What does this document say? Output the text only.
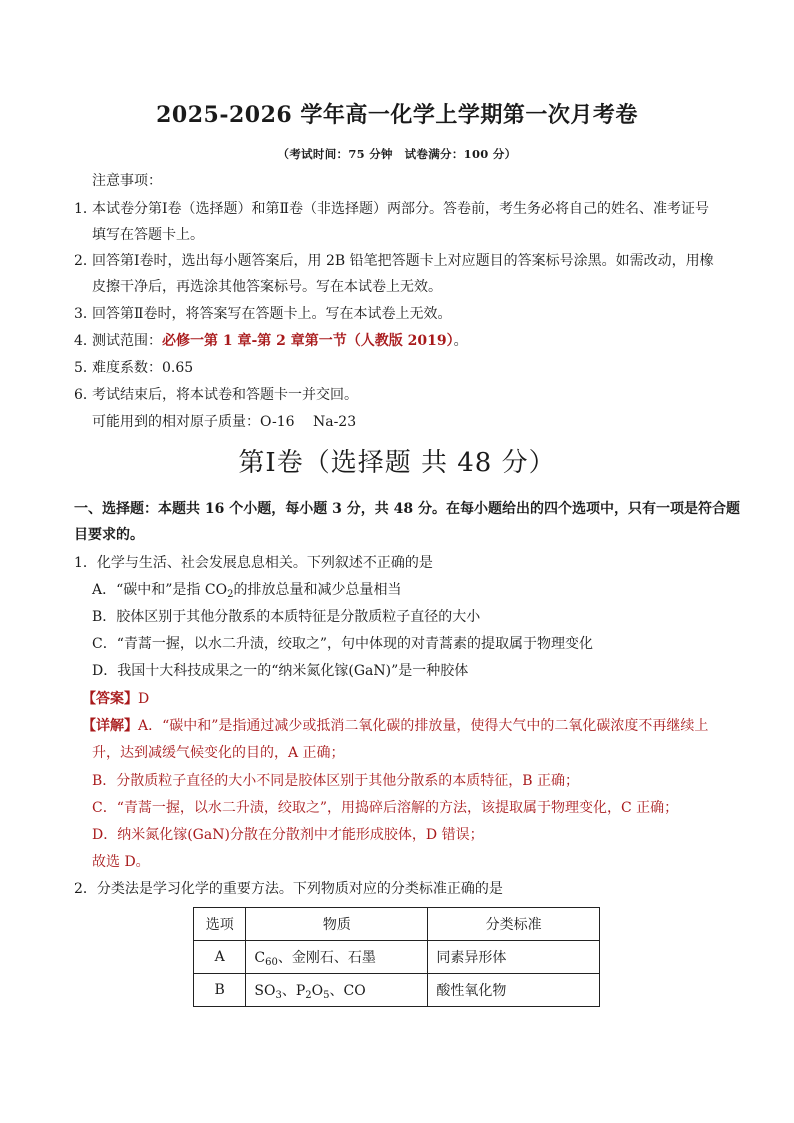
2025-2026 学年高一化学上学期第一次月考卷
（考试时间：75 分钟　试卷满分：100 分）
注意事项：
1．本试卷分第Ⅰ卷（选择题）和第Ⅱ卷（非选择题）两部分。答卷前，考生务必将自己的姓名、准考证号
填写在答题卡上。
2．回答第Ⅰ卷时，选出每小题答案后，用 2B 铅笔把答题卡上对应题目的答案标号涂黑。如需改动，用橡
皮擦干净后，再选涂其他答案标号。写在本试卷上无效。
3．回答第Ⅱ卷时，将答案写在答题卡上。写在本试卷上无效。
4．测试范围：必修一第 1 章-第 2 章第一节（人教版 2019）。
5．难度系数：0.65
6．考试结束后，将本试卷和答题卡一并交回。
可能用到的相对原子质量：O-16　 Na-23
第Ⅰ卷（选择题 共 48 分）
一、选择题：本题共 16 个小题，每小题 3 分，共 48 分。在每小题给出的四个选项中，只有一项是符合题
目要求的。
1．化学与生活、社会发展息息相关。下列叙述不正确的是
A．“碳中和”是指 $CO_2$的排放总量和减少总量相当
B．胶体区别于其他分散系的本质特征是分散质粒子直径的大小
C．“青蒿一握，以水二升渍，绞取之”，句中体现的对青蒿素的提取属于物理变化
D．我国十大科技成果之一的“纳米氮化镓(GaN)”是一种胶体
【答案】D
【详解】A．“碳中和”是指通过减少或抵消二氧化碳的排放量，使得大气中的二氧化碳浓度不再继续上
升，达到减缓气候变化的目的，A 正确；
B．分散质粒子直径的大小不同是胶体区别于其他分散系的本质特征，B 正确；
C．“青蒿一握，以水二升渍，绞取之”，用捣碎后溶解的方法，该提取属于物理变化，C 正确；
D．纳米氮化镓(GaN)分散在分散剂中才能形成胶体，D 错误；
故选 D。
2．分类法是学习化学的重要方法。下列物质对应的分类标准正确的是
选项	物质	分类标准
A	$C_{60}$、金刚石、石墨	同素异形体
B	$SO_3$、$P_2O_5$、CO	酸性氧化物
